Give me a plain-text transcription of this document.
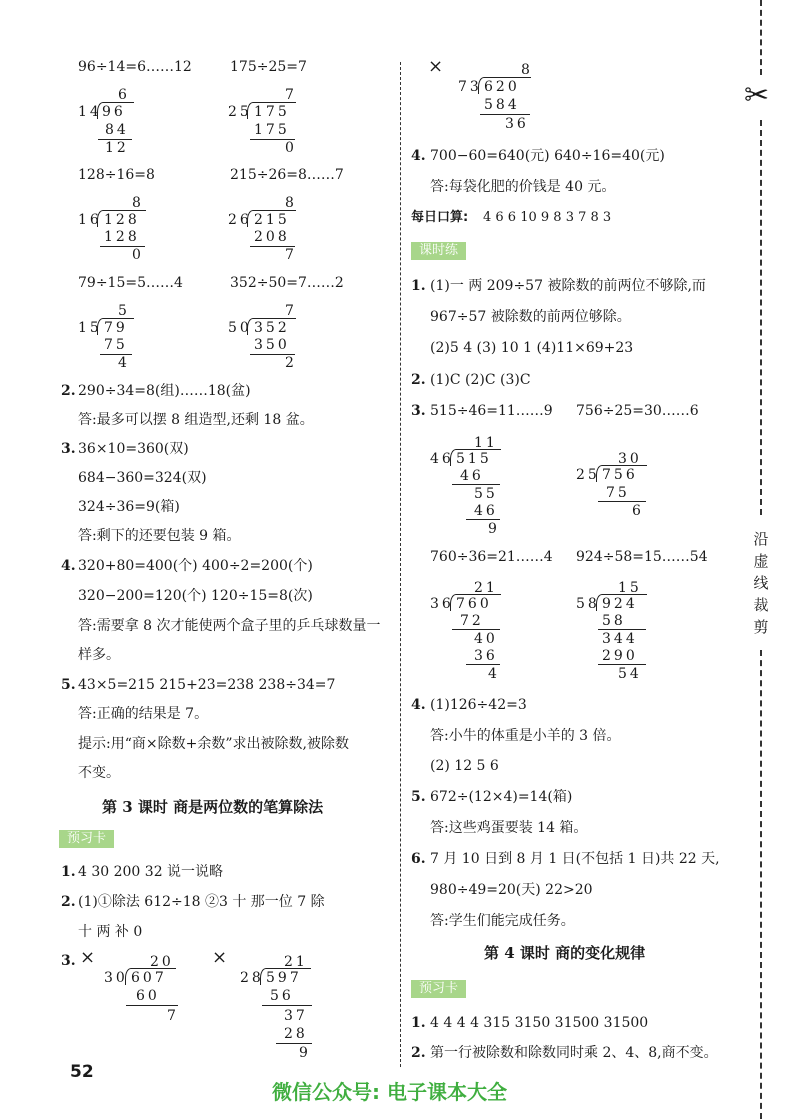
96÷14=6……12	175÷25=7
6
14 96
84
12
7
25 175
175
0
128÷16=8	215÷26=8……7
8
16 128
128
0
8
26 215
208
7
79÷15=5……4	352÷50=7……2
5
15 79
75
4
7
50 352
350
2
2. 290÷34=8(组)……18(盆)
答:最多可以摆 8 组造型,还剩 18 盆。
3. 36×10=360(双)
684−360=324(双)
324÷36=9(箱)
答:剩下的还要包装 9 箱。
4. 320+80=400(个) 400÷2=200(个)
320−200=120(个) 120÷15=8(次)
答:需要拿 8 次才能使两个盒子里的乒乓球数量一
样多。
5. 43×5=215 215+23=238 238÷34=7
答:正确的结果是 7。
提示:用“商×除数+余数”求出被除数,被除数
不变。
第 3 课时 商是两位数的笔算除法
预习卡
1. 4 30 200 32 说一说略
2. (1)①除法 612÷18 ②3 十 那一位 7 除
十 两 补 0
3. ×	20
30 607
60
7
×	21
28 597
56
37
28
9
52
×	8
73 620
584
36
4. 700−60=640(元) 640÷16=40(元)
答:每袋化肥的价钱是 40 元。
每日口算: 4 6 6 10 9 8 3 7 8 3
课时练
1. (1)一 两 209÷57 被除数的前两位不够除,而
967÷57 被除数的前两位够除。
(2)5 4 (3) 10 1 (4)11×69+23
2. (1)C (2)C (3)C
3. 515÷46=11……9 756÷25=30……6
11
46 515
46
55
46
9
30
25 756
75
6
760÷36=21……4 924÷58=15……54
21
36 760
72
40
36
4
15
58 924
58
344
290
54
4. (1)126÷42=3
答:小牛的体重是小羊的 3 倍。
(2) 12 5 6
5. 672÷(12×4)=14(箱)
答:这些鸡蛋要装 14 箱。
6. 7 月 10 日到 8 月 1 日(不包括 1 日)共 22 天,
980÷49=20(天) 22>20
答:学生们能完成任务。
第 4 课时 商的变化规律
预习卡
1. 4 4 4 4 315 3150 31500 31500
2. 第一行被除数和除数同时乘 2、4、8,商不变。
✂
沿
虚
线
裁
剪
微信公众号: 电子课本大全
